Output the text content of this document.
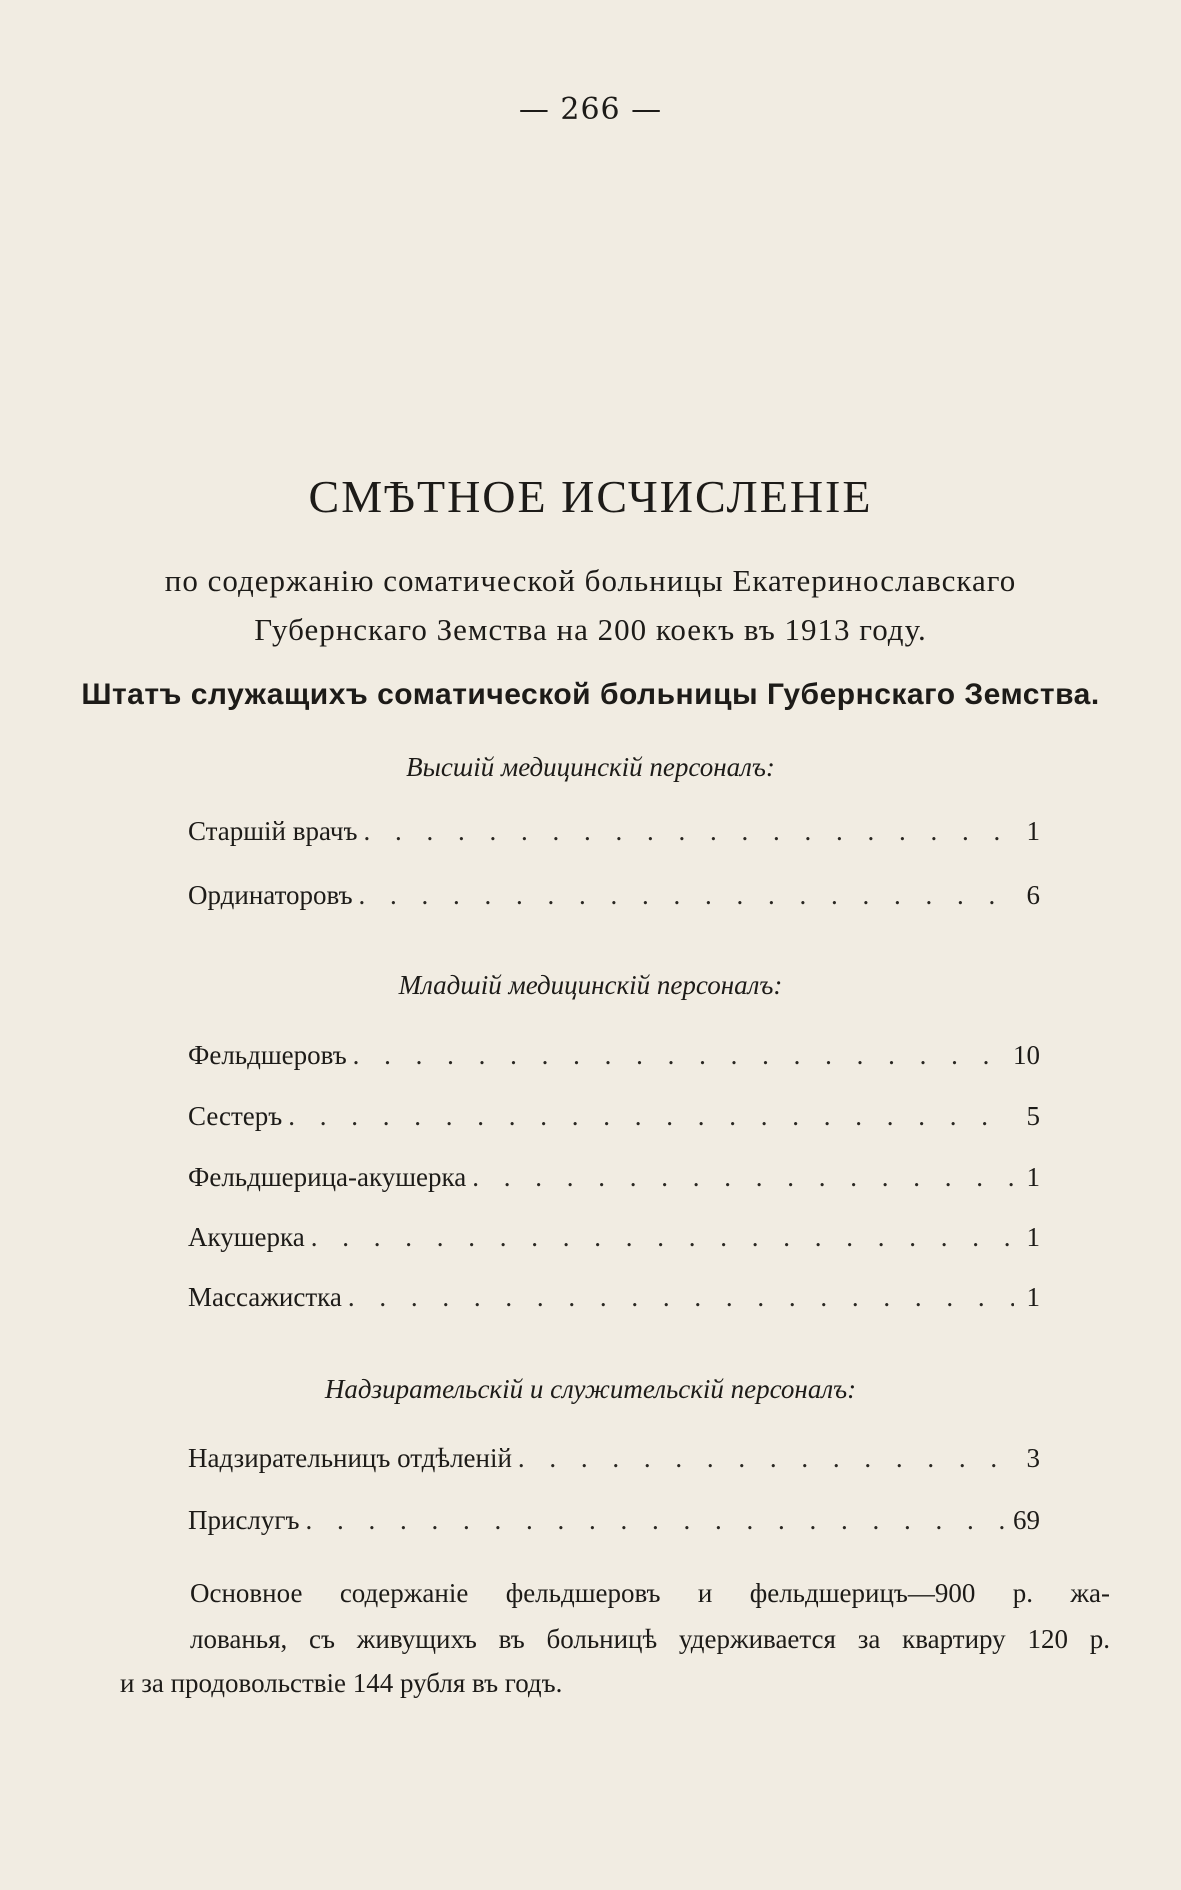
— 266 —
СМѢТНОЕ ИСЧИСЛЕНІЕ
по содержанію соматической больницы Екатеринославскаго
Губернскаго Земства на 200 коекъ въ 1913 году.
Штатъ служащихъ соматической больницы Губернскаго Земства.
Высшій медицинскій персоналъ:
Старшій врачъ . . .	1
Ординаторовъ . . .	6
Младшій медицинскій персоналъ:
Фельдшеровъ . . .	10
Сестеръ . . .	5
Фельдшерица-акушерка . . .	1
Акушерка . . .	1
Массажистка . . .	1
Надзирательскій и служительскій персоналъ:
Надзирательницъ отдѣленій . . .	3
Прислугъ . . .	69
Основное содержаніе фельдшеровъ и фельдшерицъ—900 р. жа-
лованья, съ живущихъ въ больницѣ удерживается за квартиру 120 р.
и за продовольствіе 144 рубля въ годъ.
